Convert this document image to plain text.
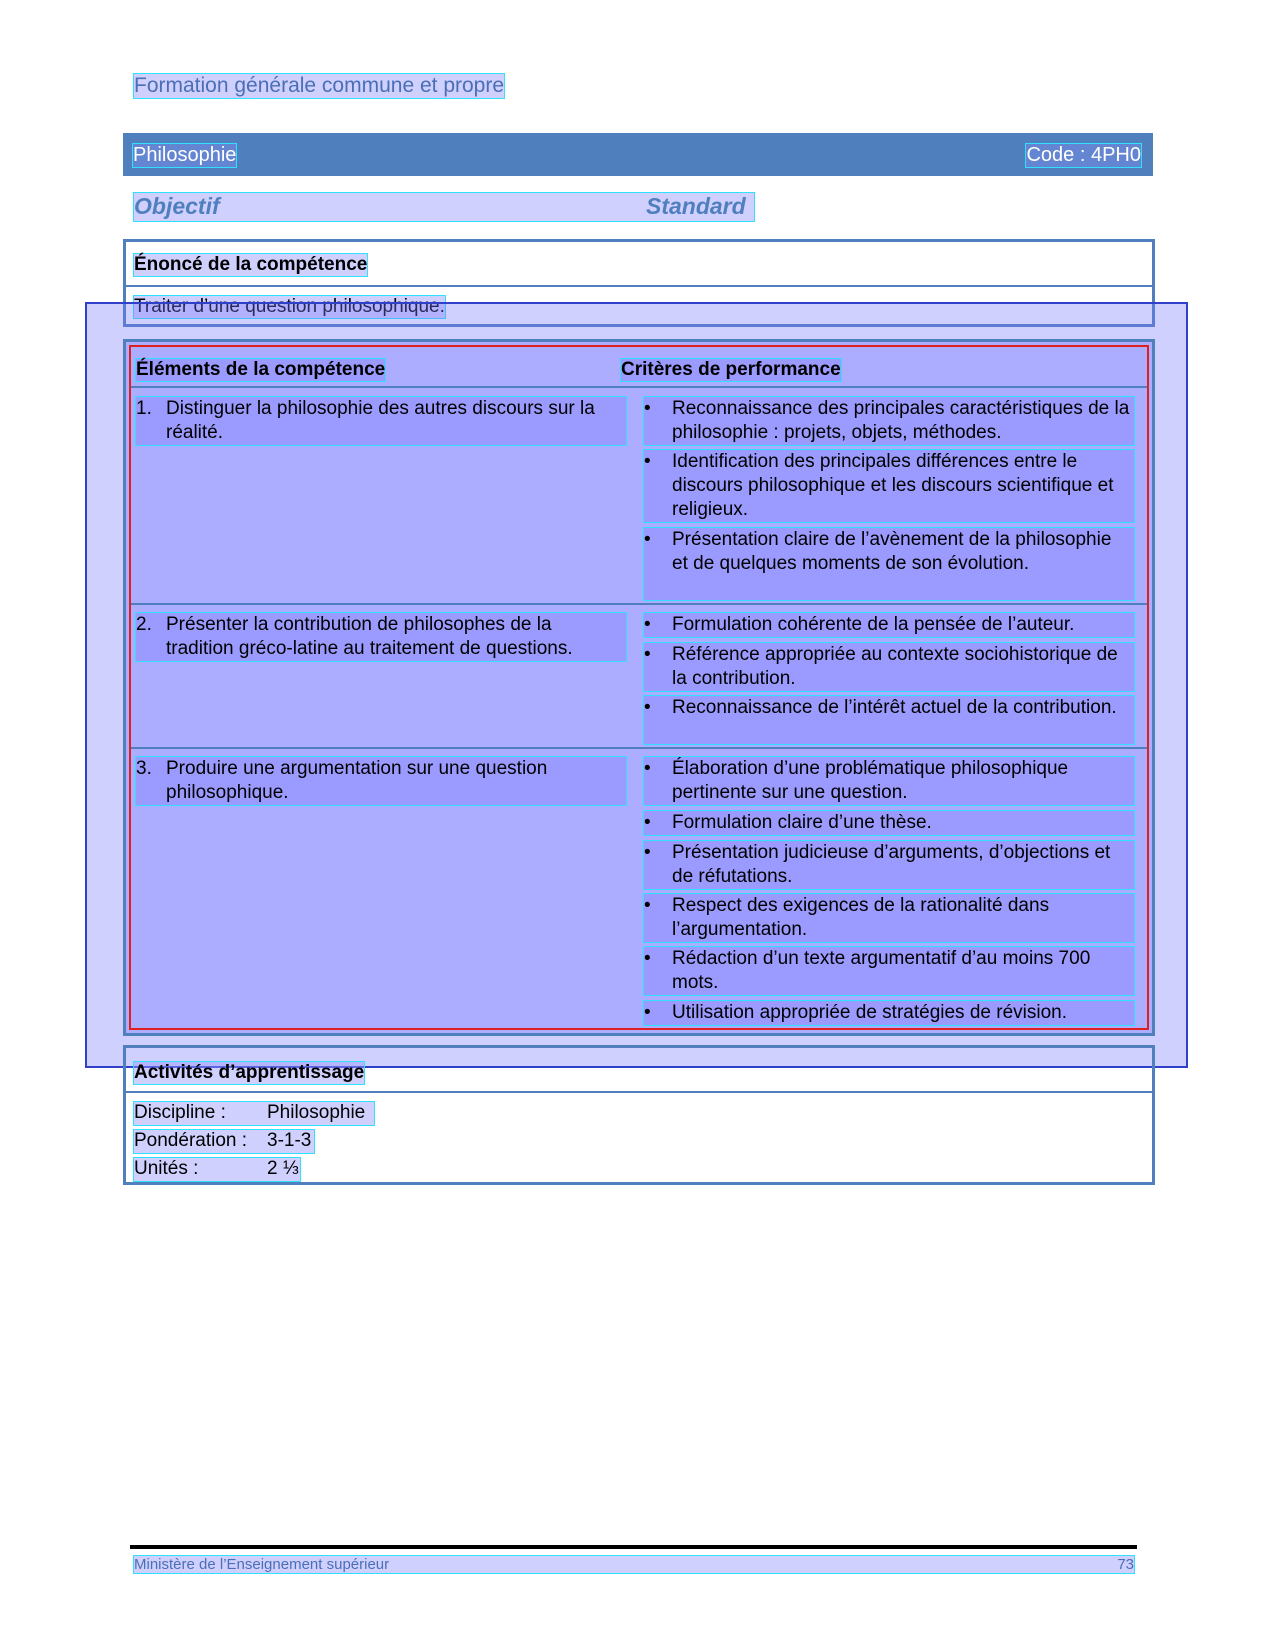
Formation générale commune et propre
Philosophie	Code : 4PH0
Objectif	Standard
Énoncé de la compétence
Traiter d’une question philosophique.
Éléments de la compétence	Critères de performance
1. Distinguer la philosophie des autres discours sur la réalité.
• Reconnaissance des principales caractéristiques de la philosophie : projets, objets, méthodes.
• Identification des principales différences entre le discours philosophique et les discours scientifique et religieux.
• Présentation claire de l’avènement de la philosophie et de quelques moments de son évolution.
2. Présenter la contribution de philosophes de la tradition gréco-latine au traitement de questions.
• Formulation cohérente de la pensée de l’auteur.
• Référence appropriée au contexte sociohistorique de la contribution.
• Reconnaissance de l’intérêt actuel de la contribution.
3. Produire une argumentation sur une question philosophique.
• Élaboration d’une problématique philosophique pertinente sur une question.
• Formulation claire d’une thèse.
• Présentation judicieuse d’arguments, d’objections et de réfutations.
• Respect des exigences de la rationalité dans l’argumentation.
• Rédaction d’un texte argumentatif d’au moins 700 mots.
• Utilisation appropriée de stratégies de révision.
Activités d’apprentissage
Discipline : Philosophie
Pondération : 3-1-3
Unités :	2 ⅓
Ministère de l’Enseignement supérieur	73
